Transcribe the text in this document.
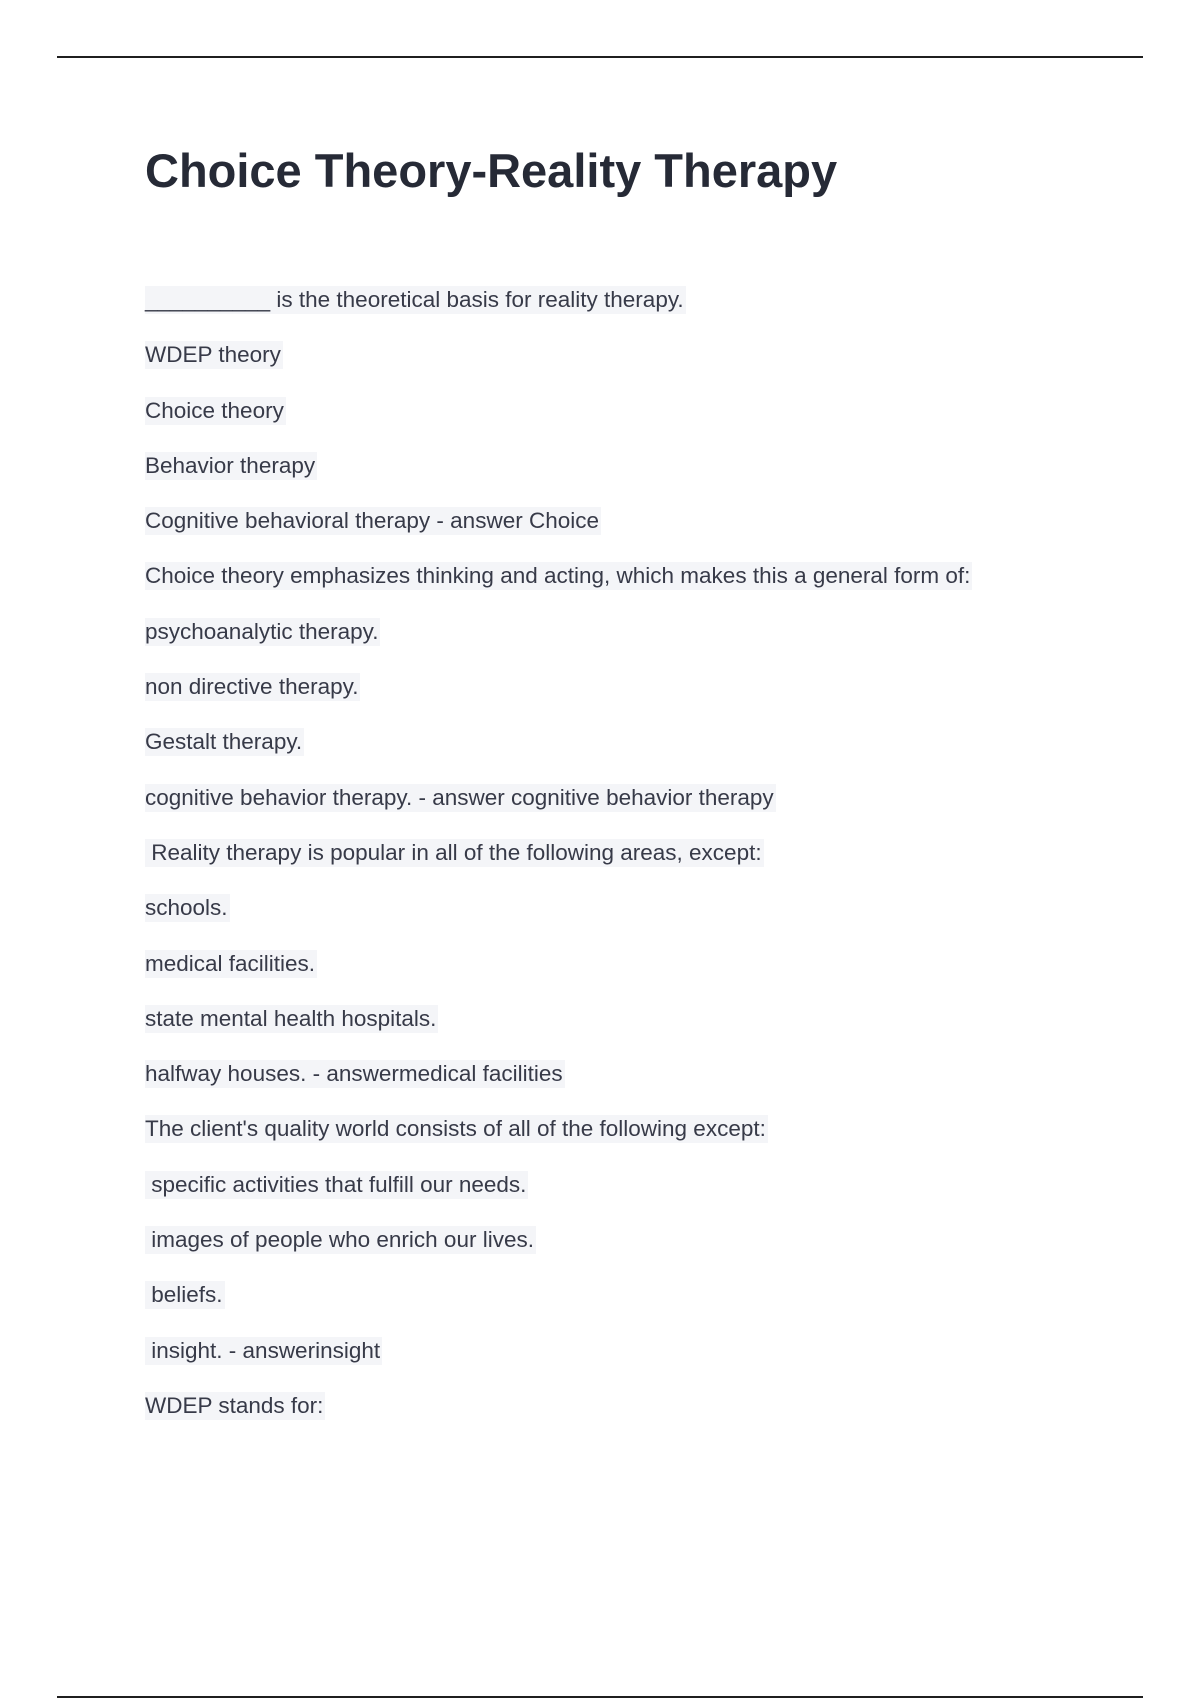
Choice Theory-Reality Therapy
__________ is the theoretical basis for reality therapy.
WDEP theory
Choice theory
Behavior therapy
Cognitive behavioral therapy - answer Choice
Choice theory emphasizes thinking and acting, which makes this a general form of:
psychoanalytic therapy.
non directive therapy.
Gestalt therapy.
cognitive behavior therapy. - answer cognitive behavior therapy
Reality therapy is popular in all of the following areas, except:
schools.
medical facilities.
state mental health hospitals.
halfway houses. - answermedical facilities
The client's quality world consists of all of the following except:
specific activities that fulfill our needs.
images of people who enrich our lives.
beliefs.
insight. - answerinsight
WDEP stands for:
